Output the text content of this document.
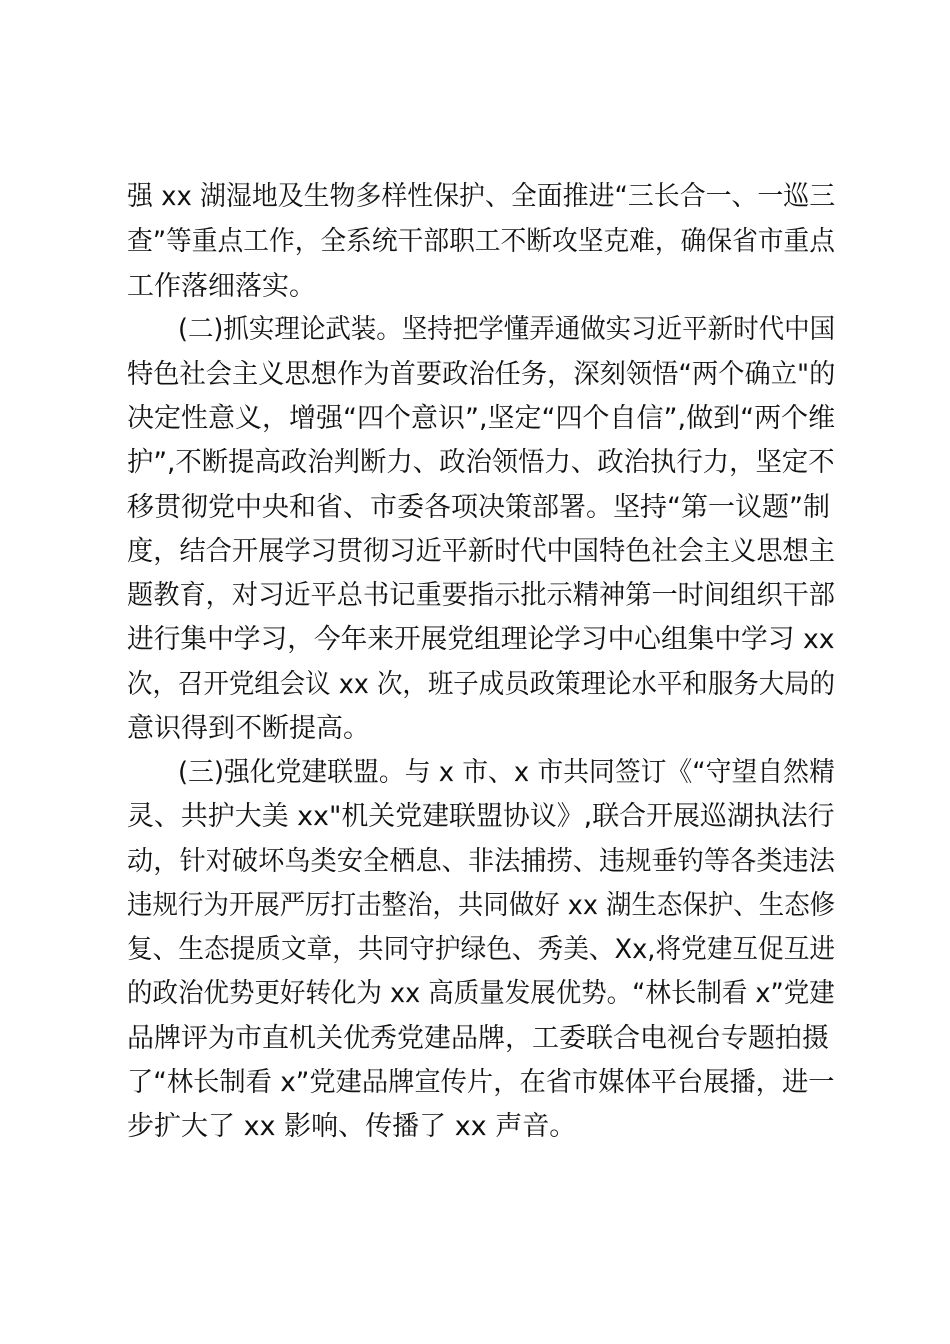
强 xx 湖湿地及生物多样性保护、全面推进“三长合一、一巡三

查”等重点工作，全系统干部职工不断攻坚克难，确保省市重点

工作落细落实。

(二)抓实理论武装。坚持把学懂弄通做实习近平新时代中国

特色社会主义思想作为首要政治任务，深刻领悟“两个确立"的

决定性意义，增强“四个意识”,坚定“四个自信”,做到“两个维

护”,不断提高政治判断力、政治领悟力、政治执行力，坚定不

移贯彻党中央和省、市委各项决策部署。坚持“第一议题”制

度，结合开展学习贯彻习近平新时代中国特色社会主义思想主

题教育，对习近平总书记重要指示批示精神第一时间组织干部

进行集中学习，今年来开展党组理论学习中心组集中学习 xx

次，召开党组会议 xx 次，班子成员政策理论水平和服务大局的

意识得到不断提高。

(三)强化党建联盟。与 x 市、x 市共同签订《“守望自然精

灵、共护大美 xx"机关党建联盟协议》,联合开展巡湖执法行

动，针对破坏鸟类安全栖息、非法捕捞、违规垂钓等各类违法

违规行为开展严厉打击整治，共同做好 xx 湖生态保护、生态修

复、生态提质文章，共同守护绿色、秀美、Xx,将党建互促互进

的政治优势更好转化为 xx 高质量发展优势。“林长制看 x”党建

品牌评为市直机关优秀党建品牌，工委联合电视台专题拍摄

了“林长制看 x”党建品牌宣传片，在省市媒体平台展播，进一

步扩大了 xx 影响、传播了 xx 声音。
